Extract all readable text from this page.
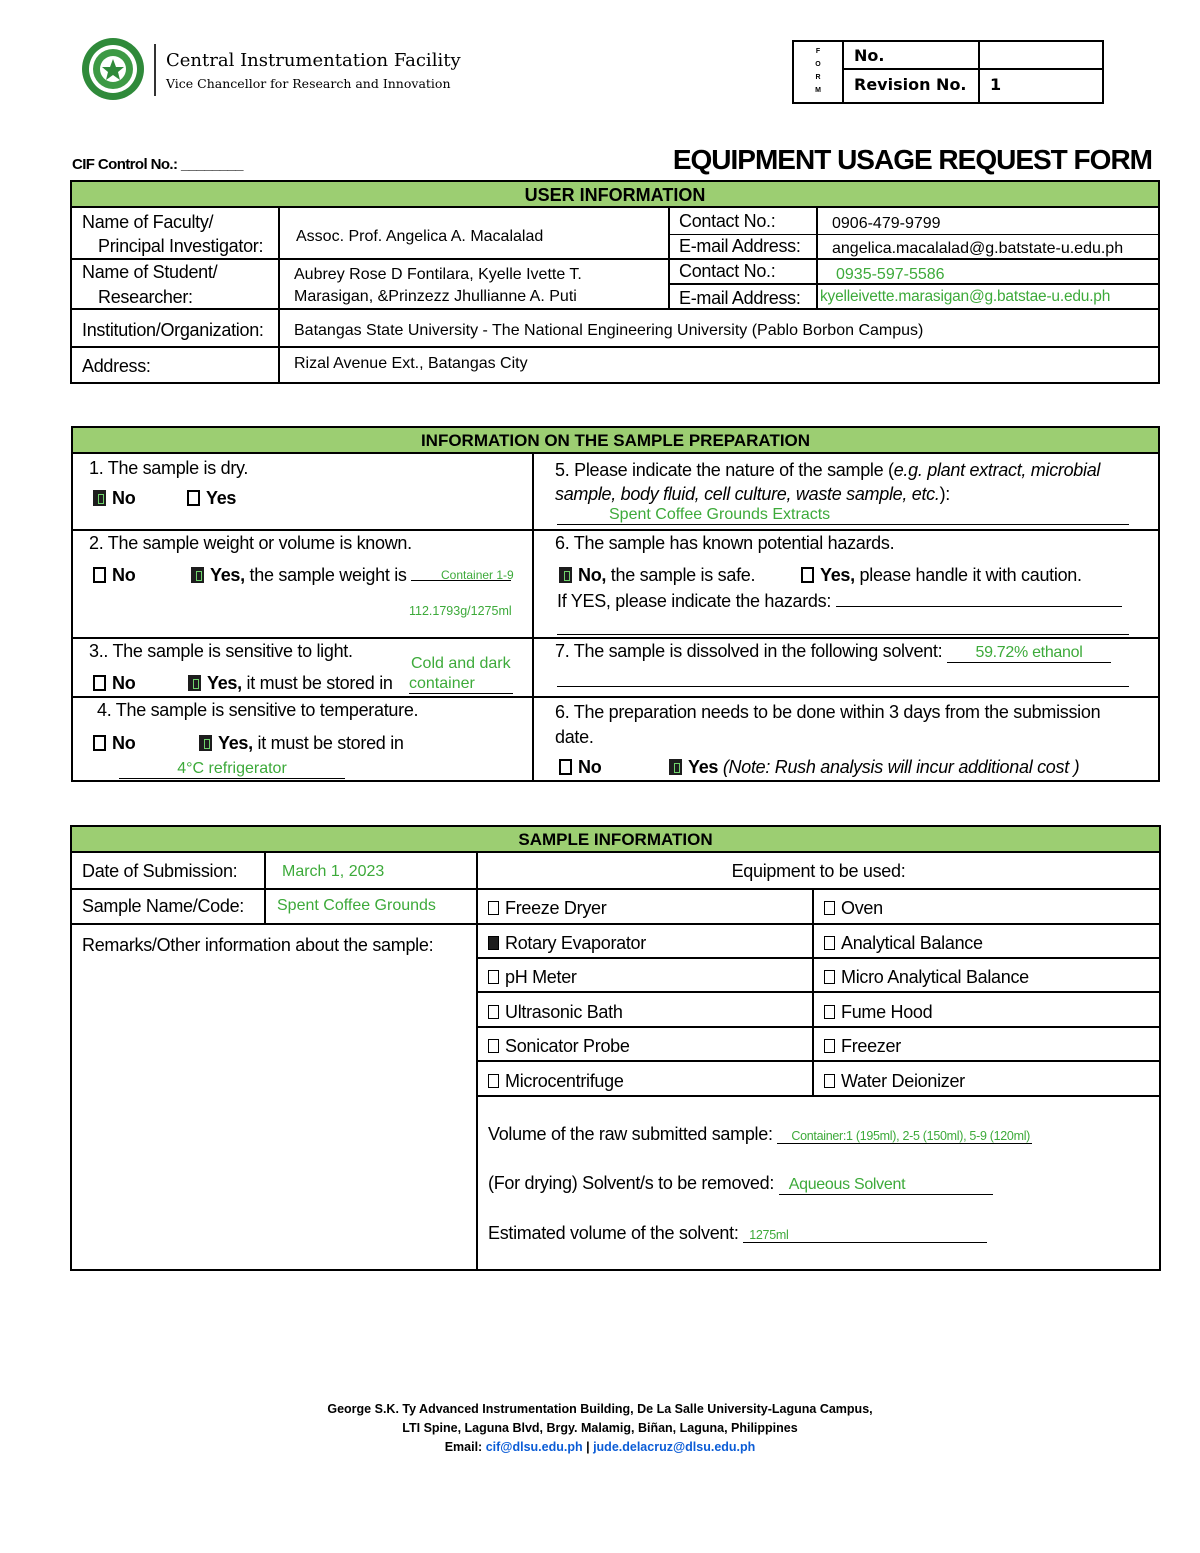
Central Instrumentation Facility
Vice Chancellor for Research and Innovation
F
O
R
M
No.
Revision No.	1
CIF Control No.: ________	EQUIPMENT USAGE REQUEST FORM
USER INFORMATION
Name of Faculty/
Principal Investigator: Assoc. Prof. Angelica A. Macalalad
Contact No.:	0906-479-9799
E-mail Address: angelica.macalalad@g.batstate-u.edu.ph
Name of Student/
Researcher:
Aubrey Rose D Fontilara, Kyelle Ivette T.
Marasigan, &Prinzezz Jhullianne A. Puti
Contact No.:	0935-597-5586
E-mail Address: kyelleivette.marasigan@g.batstae-u.edu.ph
Institution/Organization: Batangas State University - The National Engineering University (Pablo Borbon Campus)
Address:	Rizal Avenue Ext., Batangas City
INFORMATION ON THE SAMPLE PREPARATION
1. The sample is dry.
No	Yes
2. The sample weight or volume is known.
No	Yes, the sample weight is	Container 1-9
112.1793g/1275ml
3.. The sample is sensitive to light.
Cold and dark
No	Yes, it must be stored in container
4. The sample is sensitive to temperature.
No	Yes, it must be stored in
4°C refrigerator
5. Please indicate the nature of the sample (e.g. plant extract, microbial
sample, body fluid, cell culture, waste sample, etc.):
Spent Coffee Grounds Extracts
6. The sample has known potential hazards.
No, the sample is safe.	Yes, please handle it with caution.
If YES, please indicate the hazards:
7. The sample is dissolved in the following solvent: 59.72% ethanol
6. The preparation needs to be done within 3 days from the submission
date.
No	Yes (Note: Rush analysis will incur additional cost )
SAMPLE INFORMATION
Date of Submission:	March 1, 2023	Equipment to be used:
Sample Name/Code: Spent Coffee Grounds
Remarks/Other information about the sample:
Freeze Dryer	Oven
Rotary Evaporator	Analytical Balance
pH Meter	Micro Analytical Balance
Ultrasonic Bath	Fume Hood
Sonicator Probe	Freezer
Microcentrifuge	Water Deionizer
Volume of the raw submitted sample: Container:1 (195ml), 2-5 (150ml), 5-9 (120ml)
(For drying) Solvent/s to be removed: Aqueous Solvent
Estimated volume of the solvent: 1275ml
George S.K. Ty Advanced Instrumentation Building, De La Salle University-Laguna Campus,
LTI Spine, Laguna Blvd, Brgy. Malamig, Biñan, Laguna, Philippines
Email: cif@dlsu.edu.ph | jude.delacruz@dlsu.edu.ph
